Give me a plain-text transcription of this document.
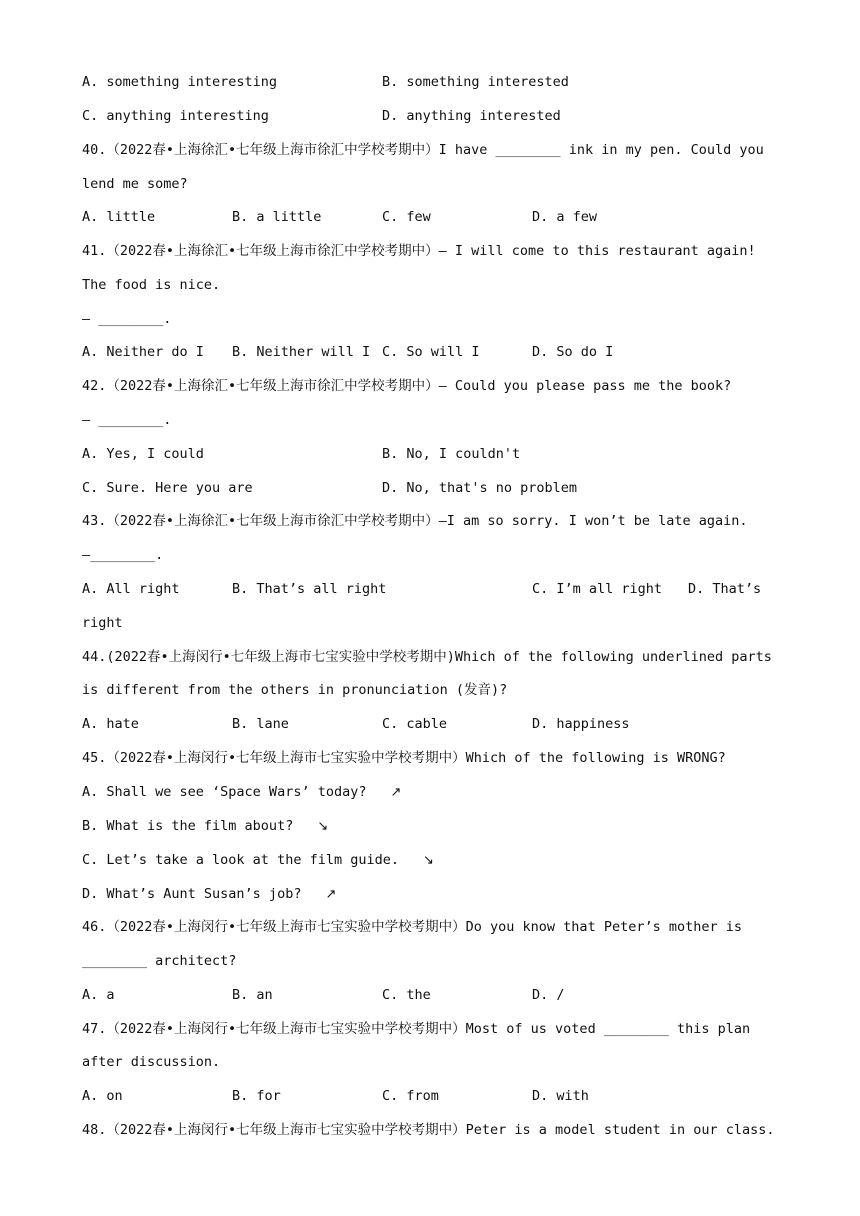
A. something interesting	B. something interested
C. anything interesting	D. anything interested
40.（2022春•上海徐汇•七年级上海市徐汇中学校考期中）I have ________ ink in my pen. Could you
lend me some?
A. little	B. a little	C. few	D. a few
41.（2022春•上海徐汇•七年级上海市徐汇中学校考期中）— I will come to this restaurant again!
The food is nice.
— ________.
A. Neither do I B. Neither will I C. So will I	D. So do I
42.（2022春•上海徐汇•七年级上海市徐汇中学校考期中）— Could you please pass me the book?
— ________.
A. Yes, I could	B. No, I couldn't
C. Sure. Here you are	D. No, that's no problem
43.（2022春•上海徐汇•七年级上海市徐汇中学校考期中）—I am so sorry. I won’t be late again.
—________.
A. All right	B. That’s all right	C. I’m all right D. That’s
right
44.(2022春•上海闵行•七年级上海市七宝实验中学校考期中)Which of the following underlined parts
is different from the others in pronunciation (发音)?
A. hate	B. lane	C. cable	D. happiness
45.（2022春•上海闵行•七年级上海市七宝实验中学校考期中）Which of the following is WRONG?
A. Shall we see ‘Space Wars’ today? ↗
B. What is the film about? ↘
C. Let’s take a look at the film guide. ↘
D. What’s Aunt Susan’s job? ↗
46.（2022春•上海闵行•七年级上海市七宝实验中学校考期中）Do you know that Peter’s mother is
________ architect?
A. a	B. an	C. the	D. /
47.（2022春•上海闵行•七年级上海市七宝实验中学校考期中）Most of us voted ________ this plan
after discussion.
A. on	B. for	C. from	D. with
48.（2022春•上海闵行•七年级上海市七宝实验中学校考期中）Peter is a model student in our class.
